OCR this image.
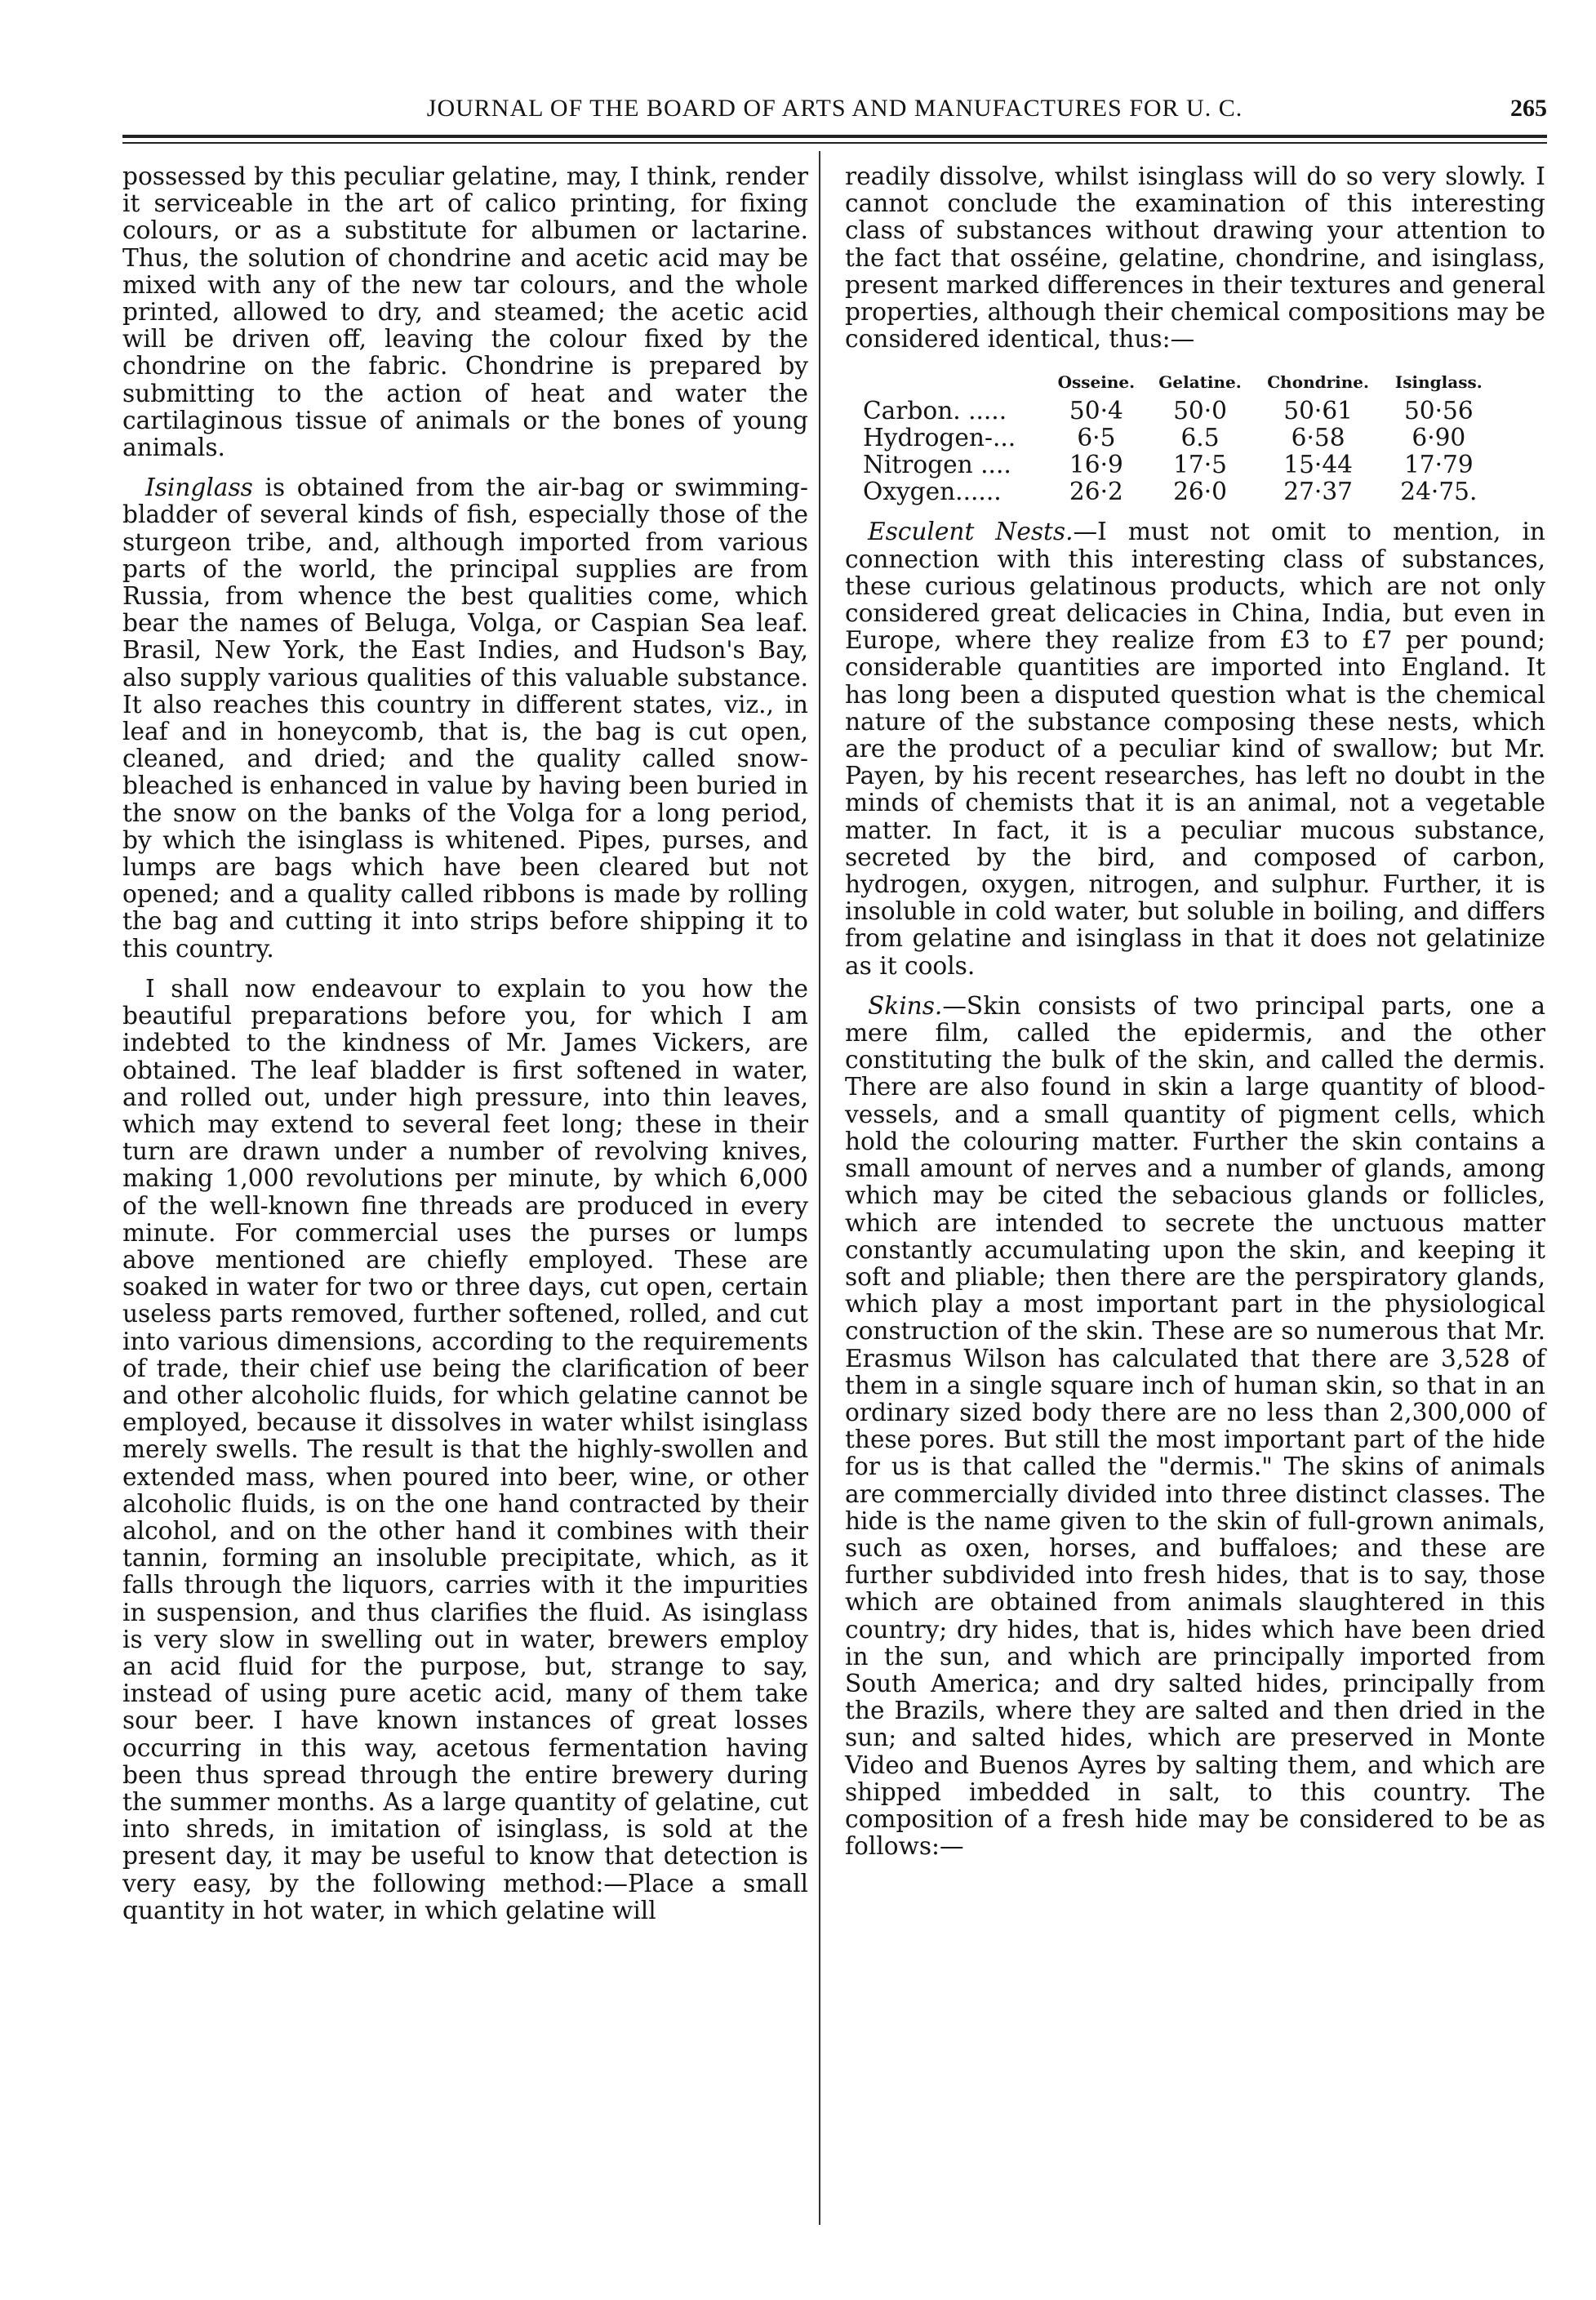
JOURNAL OF THE BOARD OF ARTS AND MANUFACTURES FOR U. C.	265

possessed by this peculiar gelatine, may, I think, render it serviceable in the art of calico printing, for fixing colours, or as a substitute for albumen or lactarine. Thus, the solution of chondrine and acetic acid may be mixed with any of the new tar colours, and the whole printed, allowed to dry, and steamed; the acetic acid will be driven off, leaving the colour fixed by the chondrine on the fabric. Chondrine is prepared by submitting to the action of heat and water the cartilaginous tissue of animals or the bones of young animals.

Isinglass is obtained from the air-bag or swimming-bladder of several kinds of fish, especially those of the sturgeon tribe, and, although imported from various parts of the world, the principal supplies are from Russia, from whence the best qualities come, which bear the names of Beluga, Volga, or Caspian Sea leaf. Brasil, New York, the East Indies, and Hudson's Bay, also supply various qualities of this valuable substance. It also reaches this country in different states, viz., in leaf and in honeycomb, that is, the bag is cut open, cleaned, and dried; and the quality called snow-bleached is enhanced in value by having been buried in the snow on the banks of the Volga for a long period, by which the isinglass is whitened. Pipes, purses, and lumps are bags which have been cleared but not opened; and a quality called ribbons is made by rolling the bag and cutting it into strips before shipping it to this country.

I shall now endeavour to explain to you how the beautiful preparations before you, for which I am indebted to the kindness of Mr. James Vickers, are obtained. The leaf bladder is first softened in water, and rolled out, under high pressure, into thin leaves, which may extend to several feet long; these in their turn are drawn under a number of revolving knives, making 1,000 revolutions per minute, by which 6,000 of the well-known fine threads are produced in every minute. For commercial uses the purses or lumps above mentioned are chiefly employed. These are soaked in water for two or three days, cut open, certain useless parts removed, further softened, rolled, and cut into various dimensions, according to the requirements of trade, their chief use being the clarification of beer and other alcoholic fluids, for which gelatine cannot be employed, because it dissolves in water whilst isinglass merely swells. The result is that the highly-swollen and extended mass, when poured into beer, wine, or other alcoholic fluids, is on the one hand contracted by their alcohol, and on the other hand it combines with their tannin, forming an insoluble precipitate, which, as it falls through the liquors, carries with it the impurities in suspension, and thus clarifies the fluid. As isinglass is very slow in swelling out in water, brewers employ an acid fluid for the purpose, but, strange to say, instead of using pure acetic acid, many of them take sour beer. I have known instances of great losses occurring in this way, acetous fermentation having been thus spread through the entire brewery during the summer months. As a large quantity of gelatine, cut into shreds, in imitation of isinglass, is sold at the present day, it may be useful to know that detection is very easy, by the following method:—Place a small quantity in hot water, in which gelatine will

readily dissolve, whilst isinglass will do so very slowly. I cannot conclude the examination of this interesting class of substances without drawing your attention to the fact that osséine, gelatine, chondrine, and isinglass, present marked differences in their textures and general properties, although their chemical compositions may be considered identical, thus:—

	Osseine.	Gelatine.	Chondrine.	Isinglass.
Carbon. .....	50·4	50·0	50·61	50·56
Hydrogen-...	6·5	6.5	6·58	6·90
Nitrogen ....	16·9	17·5	15·44	17·79
Oxygen......	26·2	26·0	27·37	24·75.

Esculent Nests.—I must not omit to mention, in connection with this interesting class of substances, these curious gelatinous products, which are not only considered great delicacies in China, India, but even in Europe, where they realize from £3 to £7 per pound; considerable quantities are imported into England. It has long been a disputed question what is the chemical nature of the substance composing these nests, which are the product of a peculiar kind of swallow; but Mr. Payen, by his recent researches, has left no doubt in the minds of chemists that it is an animal, not a vegetable matter. In fact, it is a peculiar mucous substance, secreted by the bird, and composed of carbon, hydrogen, oxygen, nitrogen, and sulphur. Further, it is insoluble in cold water, but soluble in boiling, and differs from gelatine and isinglass in that it does not gelatinize as it cools.

Skins.—Skin consists of two principal parts, one a mere film, called the epidermis, and the other constituting the bulk of the skin, and called the dermis. There are also found in skin a large quantity of blood-vessels, and a small quantity of pigment cells, which hold the colouring matter. Further the skin contains a small amount of nerves and a number of glands, among which may be cited the sebacious glands or follicles, which are intended to secrete the unctuous matter constantly accumulating upon the skin, and keeping it soft and pliable; then there are the perspiratory glands, which play a most important part in the physiological construction of the skin. These are so numerous that Mr. Erasmus Wilson has calculated that there are 3,528 of them in a single square inch of human skin, so that in an ordinary sized body there are no less than 2,300,000 of these pores. But still the most important part of the hide for us is that called the "dermis." The skins of animals are commercially divided into three distinct classes. The hide is the name given to the skin of full-grown animals, such as oxen, horses, and buffaloes; and these are further subdivided into fresh hides, that is to say, those which are obtained from animals slaughtered in this country; dry hides, that is, hides which have been dried in the sun, and which are principally imported from South America; and dry salted hides, principally from the Brazils, where they are salted and then dried in the sun; and salted hides, which are preserved in Monte Video and Buenos Ayres by salting them, and which are shipped imbedded in salt, to this country. The composition of a fresh hide may be considered to be as follows:—
